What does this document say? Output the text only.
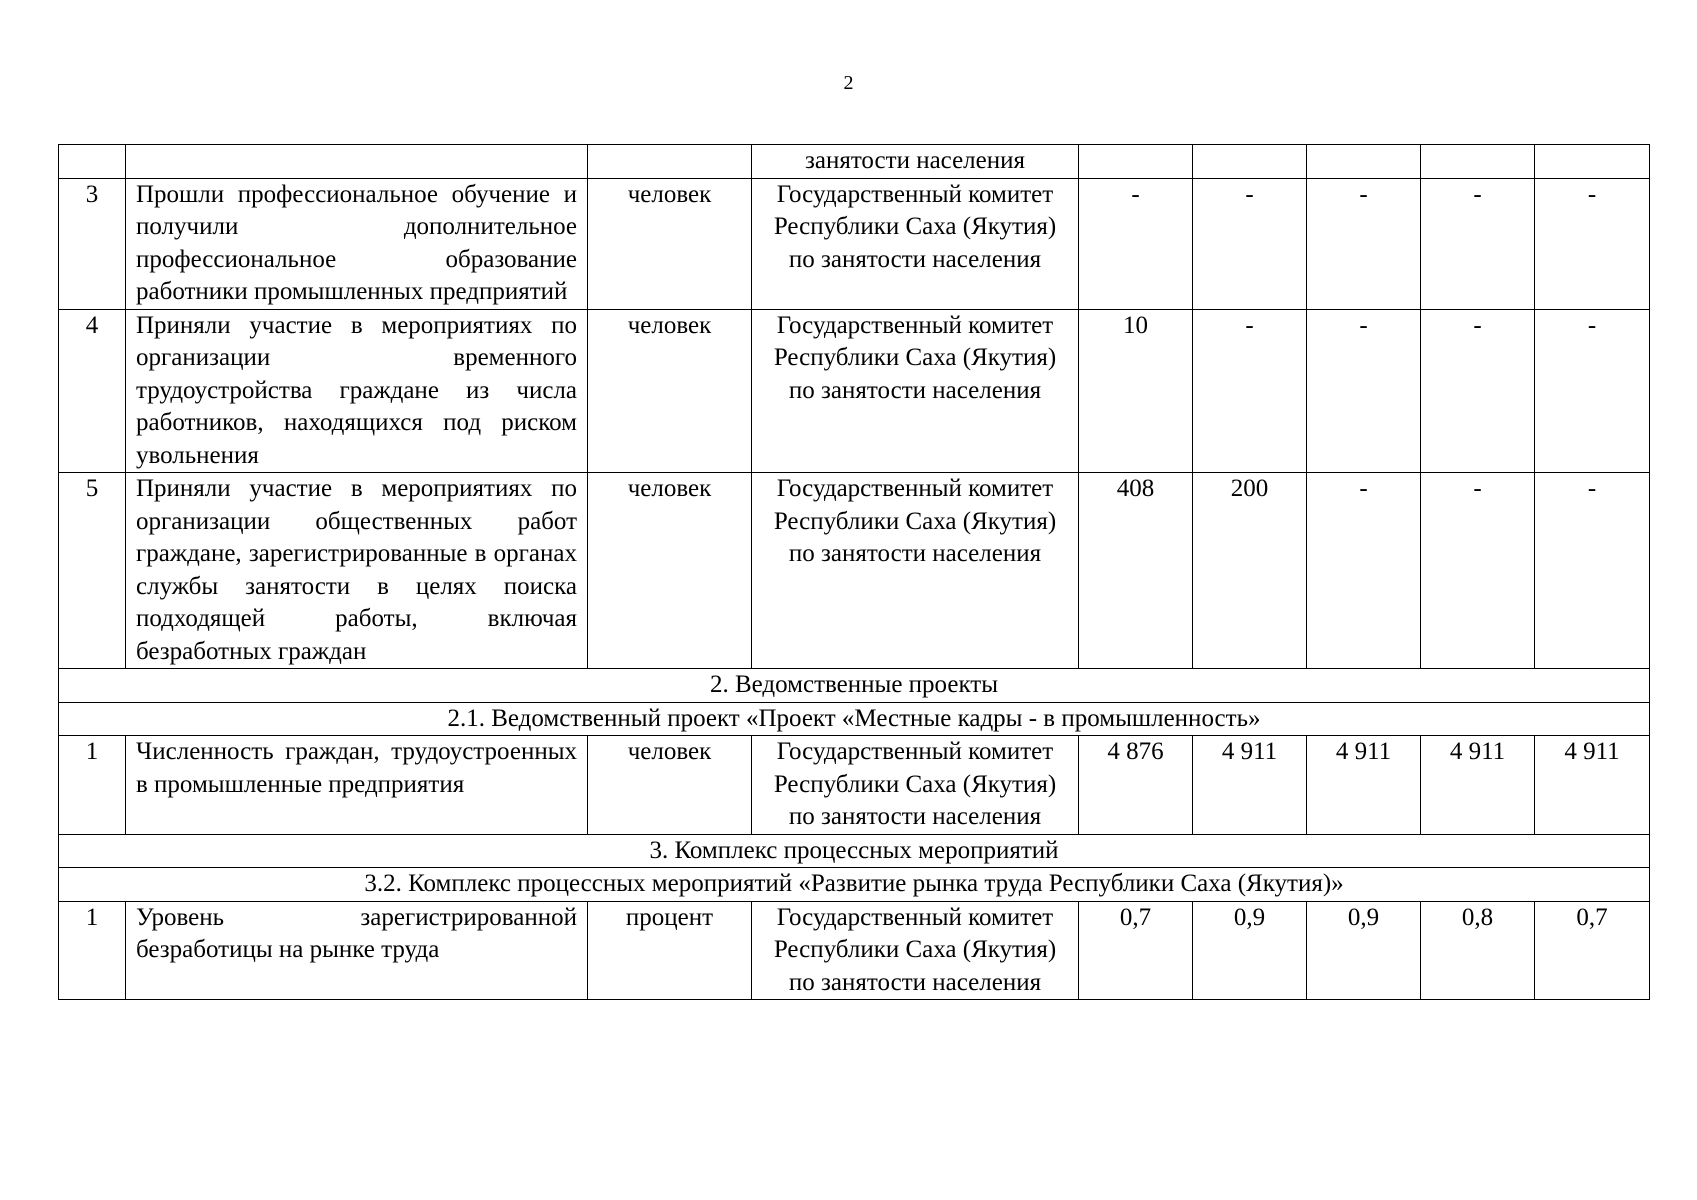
2
			занятости населения					
3	Прошли профессиональное обучение и получили дополнительное профессиональное образование работники промышленных предприятий	человек	Государственный комитет Республики Саха (Якутия) по занятости населения	-	-	-	-	-
4	Приняли участие в мероприятиях по организации временного трудоустройства граждане из числа работников, находящихся под риском увольнения	человек	Государственный комитет Республики Саха (Якутия) по занятости населения	10	-	-	-	-
5	Приняли участие в мероприятиях по организации общественных работ граждане, зарегистрированные в органах службы занятости в целях поиска подходящей работы, включая безработных граждан	человек	Государственный комитет Республики Саха (Якутия) по занятости населения	408	200	-	-	-
2. Ведомственные проекты								
2.1. Ведомственный проект «Проект «Местные кадры - в промышленность»								
1	Численность граждан, трудоустроенных в промышленные предприятия	человек	Государственный комитет Республики Саха (Якутия) по занятости населения	4 876	4 911	4 911	4 911	4 911
3. Комплекс процессных мероприятий								
3.2. Комплекс процессных мероприятий «Развитие рынка труда Республики Саха (Якутия)»								
1	Уровень зарегистрированной безработицы на рынке труда	процент	Государственный комитет Республики Саха (Якутия) по занятости населения	0,7	0,9	0,9	0,8	0,7
